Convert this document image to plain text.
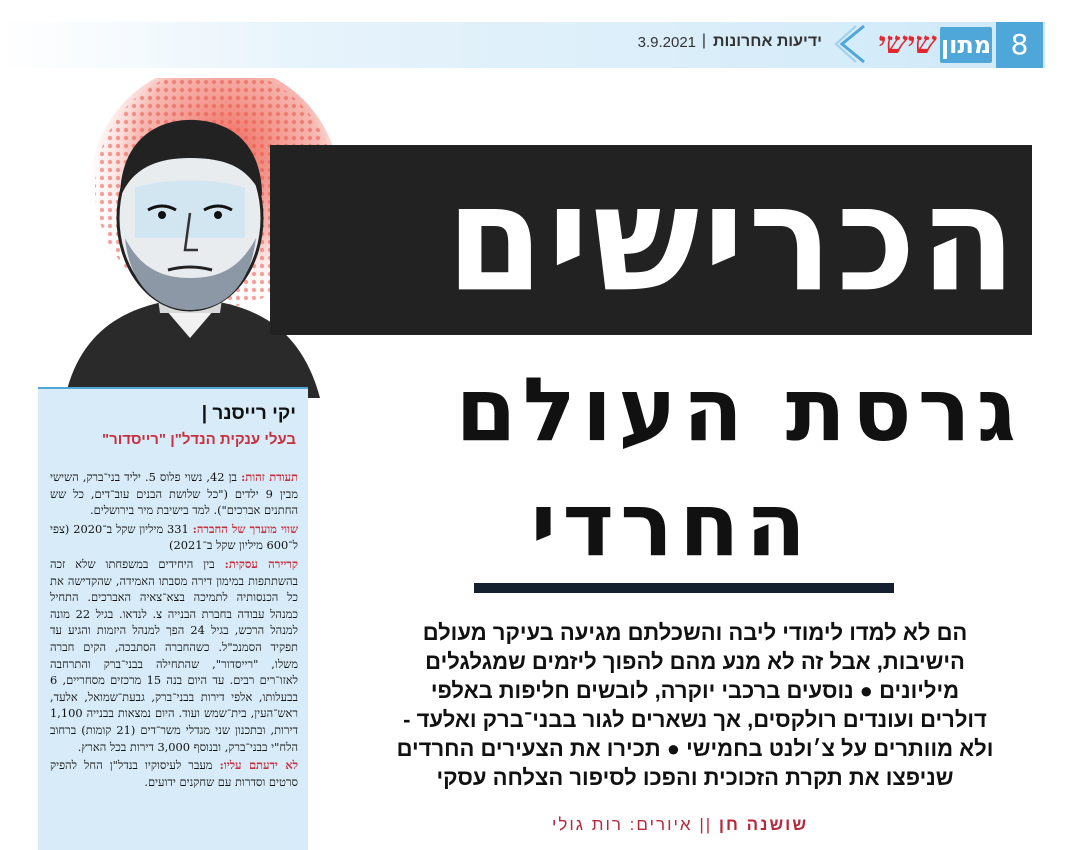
8
מתון
שישי
ידיעות אחרונות
|
3.9.2021
הכרישים
גרסת העולם
החרדי
הם לא למדו לימודי ליבה והשכלתם מגיעה בעיקר מעולם
הישיבות, אבל זה לא מנע מהם להפוך ליזמים שמגלגלים
מיליונים ● נוסעים ברכבי יוקרה, לובשים חליפות באלפי
דולרים ועונדים רולקסים, אך נשארים לגור בבני־ברק ואלעד -
ולא מוותרים על צ׳ולנט בחמישי ● תכירו את הצעירים החרדים
שניפצו את תקרת הזכוכית והפכו לסיפור הצלחה עסקי
שושנה חן || איורים: רות גולי
יקי רייסנר |
בעלי ענקית הנדל"ן "רייסדור"

תעודת זהות: בן 42, נשוי פלוס 5. יליד בני־ברק, השישי מבין 9 ילדים ("כל שלושת הבנים עוב־דים, כל שש החתנים אברכים"). למד בישיבת מיר בירושלים.

שווי מוערך של החברה: 331 מיליון שקל ב־2020 (צפי ל־600 מיליון שקל ב־2021)

קריירה עסקית: בין היחידים במשפחתו שלא זכה בהשתתפות במימון דירה מסבתו האמידה, שהקדישה את כל הכנסותיה לתמיכה בצא־צאיה האברכים. התחיל כמנהל עבודה בחברת הבנייה צ. לנדאו. בגיל 22 מונה למנהל הרכש, בגיל 24 הפך למנהל היזמות והגיע עד תפקיד הסמנכ"ל. כשהחברה הסתבכה, הקים חברה משלו, "רייסדור", שהתחילה בבני־ברק והתרחבה לאזו־רים רבים. עד היום בנה 15 מרכזים מסחריים, 6 בבעלותו, אלפי דירות בבני־ברק, גבעת־שמואל, אלעד, ראש־העין, בית־שמש ועוד. היום נמצאות בבנייה 1,100 דירות, ובתכנון שני מגדלי משר־דים (21 קומות) ברחוב הלח"י בבני־ברק, ובנוסף 3,000 דירות בכל הארץ.

לא ידעתם עליו: מעבר לעיסוקיו בנדל"ן החל להפיק סרטים וסדרות עם שחקנים ידועים.
